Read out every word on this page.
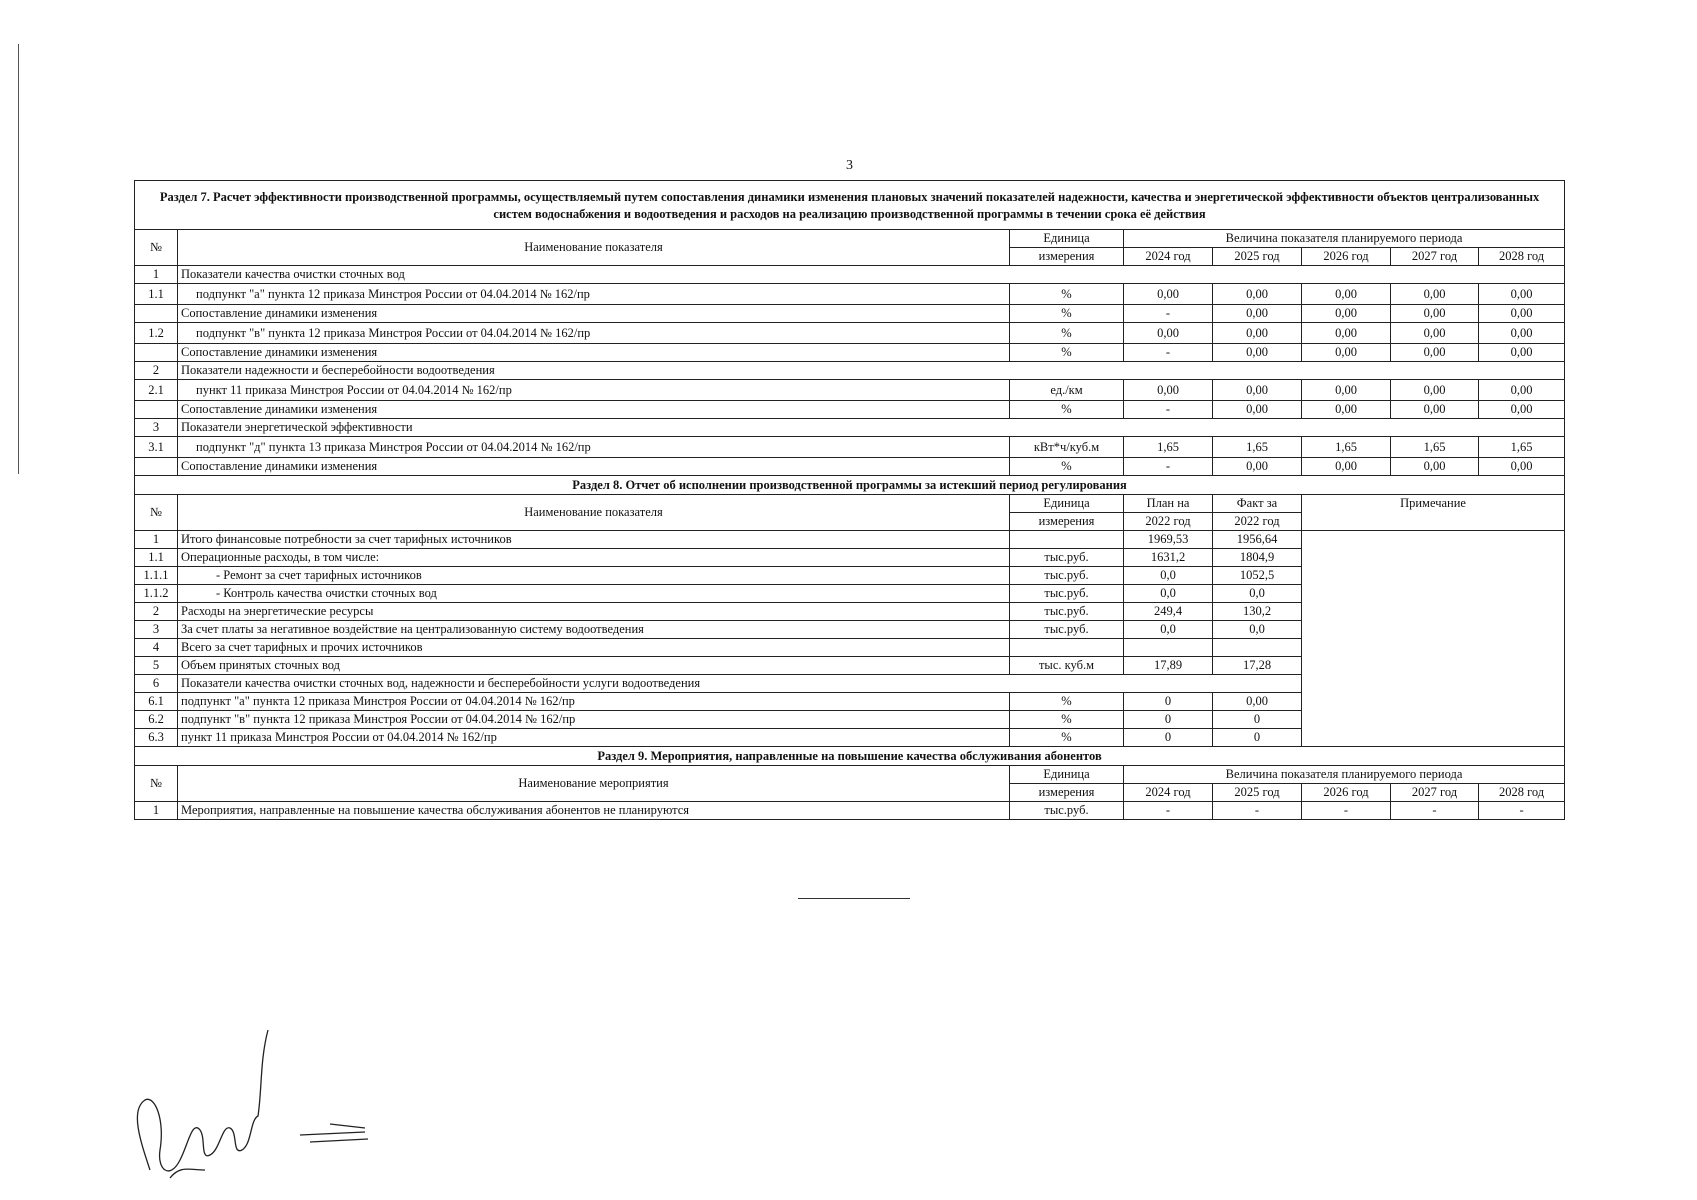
3
Раздел 7. Расчет эффективности производственной программы, осуществляемый путем сопоставления динамики изменения плановых значений показателей надежности, качества и энергетической эффективности объектов централизованных систем водоснабжения и водоотведения и расходов на реализацию производственной программы в течении срока её действия							
№	Наименование показателя	Единица	Величина показателя планируемого периода				
		измерения	2024 год	2025 год	2026 год	2027 год	2028 год
1	Показатели качества очистки сточных вод						
1.1	подпункт "а" пункта 12 приказа Минстроя России от 04.04.2014 № 162/пр	%	0,00	0,00	0,00	0,00	0,00
	Сопоставление динамики изменения	%	-	0,00	0,00	0,00	0,00
1.2	подпункт "в" пункта 12 приказа Минстроя России от 04.04.2014 № 162/пр	%	0,00	0,00	0,00	0,00	0,00
	Сопоставление динамики изменения	%	-	0,00	0,00	0,00	0,00
2	Показатели надежности и бесперебойности водоотведения						
2.1	пункт 11 приказа Минстроя России от 04.04.2014 № 162/пр	ед./км	0,00	0,00	0,00	0,00	0,00
	Сопоставление динамики изменения	%	-	0,00	0,00	0,00	0,00
3	Показатели энергетической эффективности						
3.1	подпункт "д" пункта 13 приказа Минстроя России от 04.04.2014 № 162/пр	кВт*ч/куб.м	1,65	1,65	1,65	1,65	1,65
	Сопоставление динамики изменения	%	-	0,00	0,00	0,00	0,00
Раздел 8. Отчет об исполнении производственной программы за истекший период регулирования							
№	Наименование показателя	Единица	План на	Факт за	Примечание		
		измерения	2022 год	2022 год			
1	Итого финансовые потребности за счет тарифных источников		1969,53	1956,64			
1.1	Операционные расходы, в том числе:	тыс.руб.	1631,2	1804,9			
1.1.1	- Ремонт за счет тарифных источников	тыс.руб.	0,0	1052,5			
1.1.2	- Контроль качества очистки сточных вод	тыс.руб.	0,0	0,0			
2	Расходы на энергетические ресурсы	тыс.руб.	249,4	130,2			
3	За счет платы за негативное воздействие на централизованную систему водоотведения	тыс.руб.	0,0	0,0			
4	Всего за счет тарифных и прочих источников						
5	Объем принятых сточных вод	тыс. куб.м	17,89	17,28			
6	Показатели качества очистки сточных вод, надежности и бесперебойности услуги водоотведения						
6.1	подпункт "а" пункта 12 приказа Минстроя России от 04.04.2014 № 162/пр	%	0	0,00			
6.2	подпункт "в" пункта 12 приказа Минстроя России от 04.04.2014 № 162/пр	%	0	0			
6.3	пункт 11 приказа Минстроя России от 04.04.2014 № 162/пр	%	0	0			
Раздел 9. Мероприятия, направленные на повышение качества обслуживания абонентов							
№	Наименование мероприятия	Единица	Величина показателя планируемого периода				
		измерения	2024 год	2025 год	2026 год	2027 год	2028 год
1	Мероприятия, направленные на повышение качества обслуживания абонентов не планируются	тыс.руб.	-	-	-	-	-
